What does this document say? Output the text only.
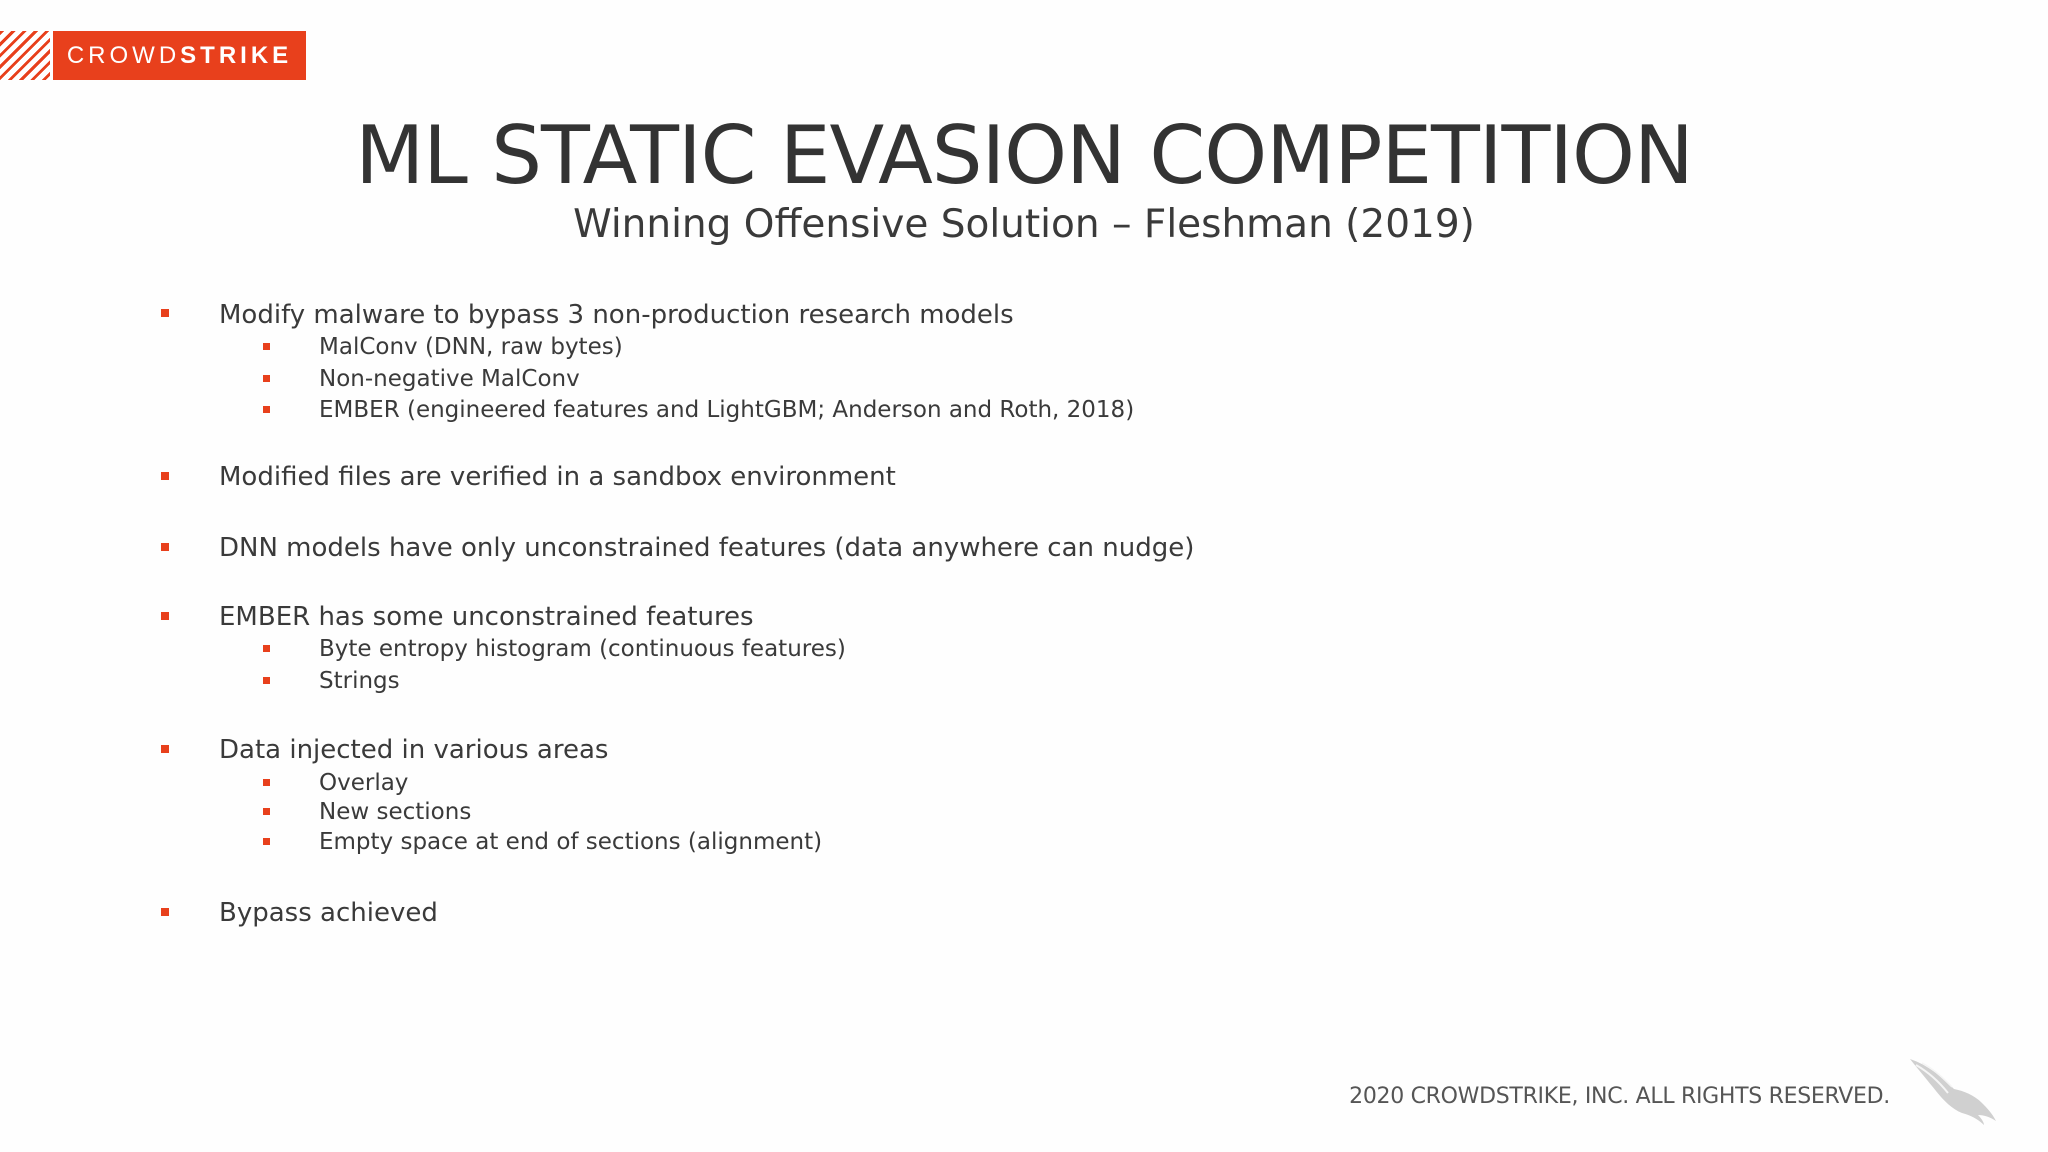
CROWD STRIKE
ML STATIC EVASION COMPETITION
Winning Offensive Solution – Fleshman (2019)
Modify malware to bypass 3 non-production research models
MalConv (DNN, raw bytes)
Non-negative MalConv
EMBER (engineered features and LightGBM; Anderson and Roth, 2018)
Modified files are verified in a sandbox environment
DNN models have only unconstrained features (data anywhere can nudge)
EMBER has some unconstrained features
Byte entropy histogram (continuous features)
Strings
Data injected in various areas
Overlay
New sections
Empty space at end of sections (alignment)
Bypass achieved
2020 CROWDSTRIKE, INC. ALL RIGHTS RESERVED.
